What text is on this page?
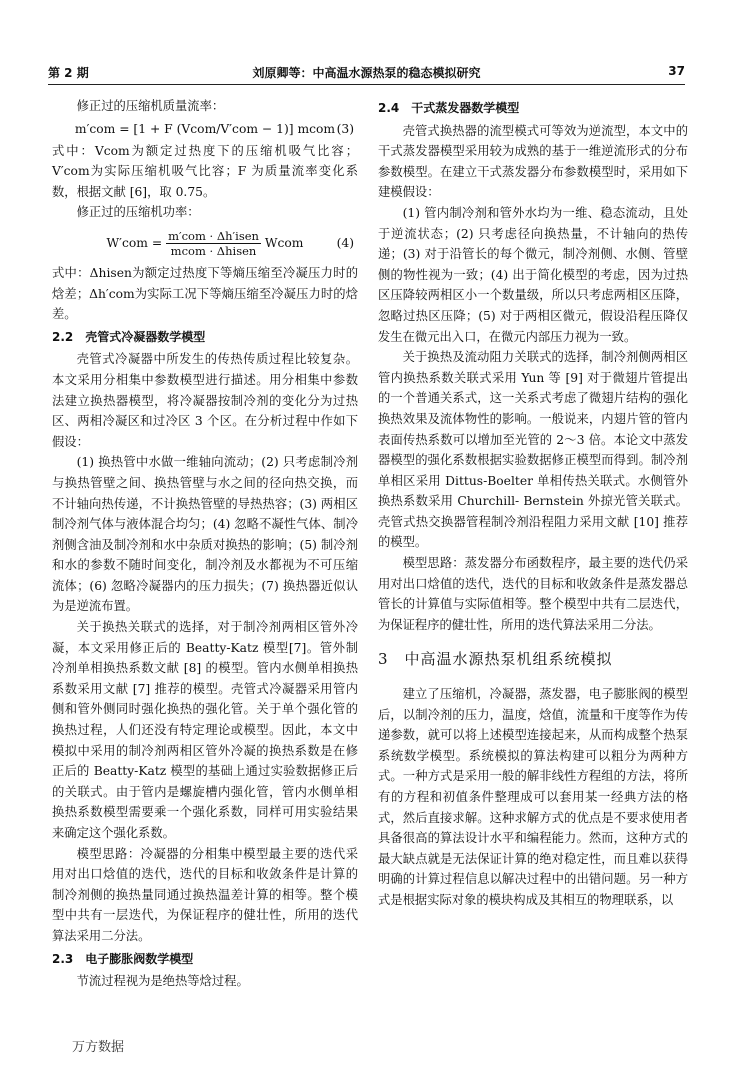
第 2 期	刘原卿等：中高温水源热泵的稳态模拟研究	37

修正过的压缩机质量流率：

m′com = [1 + F (Vcom/V′com − 1)] mcom (3)

式中：Vcom为额定过热度下的压缩机吸气比容；V′com为实际压缩机吸气比容；F 为质量流率变化系数，根据文献 [6]，取 0.75。

修正过的压缩机功率：

$W'com = \frac{\text{m′com · Δh′isen}}{\text{mcom · Δhisen}}$ Wcom	(4)

式中：Δhisen为额定过热度下等熵压缩至冷凝压力时的焓差；Δh′com为实际工况下等熵压缩至冷凝压力时的焓差。

2.2　壳管式冷凝器数学模型

壳管式冷凝器中所发生的传热传质过程比较复杂。本文采用分相集中参数模型进行描述。用分相集中参数法建立换热器模型，将冷凝器按制冷剂的变化分为过热区、两相冷凝区和过冷区 3 个区。在分析过程中作如下假设：

(1) 换热管中水做一维轴向流动；(2) 只考虑制冷剂与换热管壁之间、换热管壁与水之间的径向热交换，而不计轴向热传递，不计换热管壁的导热热容；(3) 两相区制冷剂气体与液体混合均匀；(4) 忽略不凝性气体、制冷剂侧含油及制冷剂和水中杂质对换热的影响；(5) 制冷剂和水的参数不随时间变化，制冷剂及水都视为不可压缩流体；(6) 忽略冷凝器内的压力损失；(7) 换热器近似认为是逆流布置。

关于换热关联式的选择，对于制冷剂两相区管外冷凝，本文采用修正后的 Beatty-Katz 模型[7]。管外制冷剂单相换热系数文献 [8] 的模型。管内水侧单相换热系数采用文献 [7] 推荐的模型。壳管式冷凝器采用管内侧和管外侧同时强化换热的强化管。关于单个强化管的换热过程，人们还没有特定理论或模型。因此，本文中模拟中采用的制冷剂两相区管外冷凝的换热系数是在修正后的 Beatty-Katz 模型的基础上通过实验数据修正后的关联式。由于管内是螺旋槽内强化管，管内水侧单相换热系数模型需要乘一个强化系数，同样可用实验结果来确定这个强化系数。

模型思路：冷凝器的分相集中模型最主要的迭代采用对出口焓值的迭代，迭代的目标和收敛条件是计算的制冷剂侧的换热量同通过换热温差计算的相等。整个模型中共有一层迭代，为保证程序的健壮性，所用的迭代算法采用二分法。

2.3　电子膨胀阀数学模型

节流过程视为是绝热等焓过程。

2.4　干式蒸发器数学模型

壳管式换热器的流型模式可等效为逆流型，本文中的干式蒸发器模型采用较为成熟的基于一维逆流形式的分布参数模型。在建立干式蒸发器分布参数模型时，采用如下建模假设：

(1) 管内制冷剂和管外水均为一维、稳态流动，且处于逆流状态；(2) 只考虑径向换热量，不计轴向的热传递；(3) 对于沿管长的每个微元，制冷剂侧、水侧、管壁侧的物性视为一致；(4) 出于简化模型的考虑，因为过热区压降较两相区小一个数量级，所以只考虑两相区压降，忽略过热区压降；(5) 对于两相区微元，假设沿程压降仅发生在微元出入口，在微元内部压力视为一致。

关于换热及流动阻力关联式的选择，制冷剂侧两相区管内换热系数关联式采用 Yun 等 [9] 对于微翅片管提出的一个普通关系式，这一关系式考虑了微翅片结构的强化换热效果及流体物性的影响。一般说来，内翅片管的管内表面传热系数可以增加至光管的 2～3 倍。本论文中蒸发器模型的强化系数根据实验数据修正模型而得到。制冷剂单相区采用 Dittus-Boelter 单相传热关联式。水侧管外换热系数采用 Churchill- Bernstein 外掠光管关联式。壳管式热交换器管程制冷剂沿程阻力采用文献 [10] 推荐的模型。

模型思路：蒸发器分布函数程序，最主要的迭代仍采用对出口焓值的迭代，迭代的目标和收敛条件是蒸发器总管长的计算值与实际值相等。整个模型中共有二层迭代，为保证程序的健壮性，所用的迭代算法采用二分法。

3　中高温水源热泵机组系统模拟

建立了压缩机，冷凝器，蒸发器，电子膨胀阀的模型后，以制冷剂的压力，温度，焓值，流量和干度等作为传递参数，就可以将上述模型连接起来，从而构成整个热泵系统数学模型。系统模拟的算法构建可以粗分为两种方式。一种方式是采用一般的解非线性方程组的方法，将所有的方程和初值条件整理成可以套用某一经典方法的格式，然后直接求解。这种求解方式的优点是不要求使用者具备很高的算法设计水平和编程能力。然而，这种方式的最大缺点就是无法保证计算的绝对稳定性，而且难以获得明确的计算过程信息以解决过程中的出错问题。另一种方式是根据实际对象的模块构成及其相互的物理联系，以

万方数据
